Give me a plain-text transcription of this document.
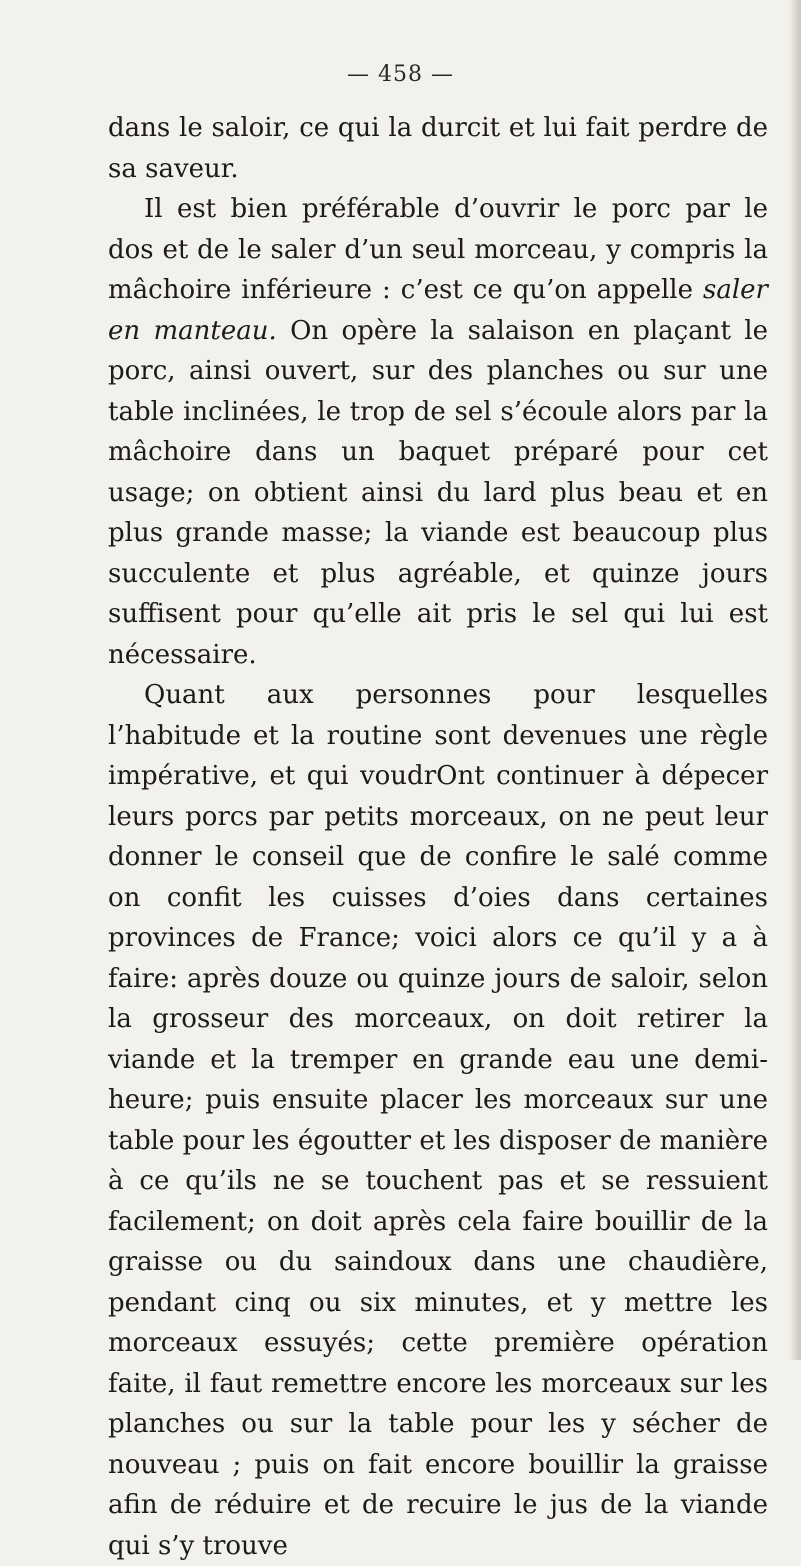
— 458 —

dans le saloir, ce qui la durcit et lui fait perdre de sa saveur.

Il est bien préférable d’ouvrir le porc par le dos et de le saler d’un seul morceau, y compris la mâchoire inférieure : c’est ce qu’on appelle saler en manteau. On opère la salaison en plaçant le porc, ainsi ouvert, sur des planches ou sur une table inclinées, le trop de sel s’écoule alors par la mâchoire dans un baquet préparé pour cet usage; on obtient ainsi du lard plus beau et en plus grande masse; la viande est beaucoup plus succulente et plus agréable, et quinze jours suffisent pour qu’elle ait pris le sel qui lui est nécessaire.

Quant aux personnes pour lesquelles l’habitude et la routine sont devenues une règle impérative, et qui voudrOnt continuer à dépecer leurs porcs par petits morceaux, on ne peut leur donner le conseil que de confire le salé comme on confit les cuisses d’oies dans certaines provinces de France; voici alors ce qu’il y a à faire: après douze ou quinze jours de saloir, selon la grosseur des morceaux, on doit retirer la viande et la tremper en grande eau une demi-heure; puis ensuite placer les morceaux sur une table pour les égoutter et les disposer de manière à ce qu’ils ne se touchent pas et se ressuient facilement; on doit après cela faire bouillir de la graisse ou du saindoux dans une chaudière, pendant cinq ou six minutes, et y mettre les morceaux essuyés; cette première opération faite, il faut remettre encore les morceaux sur les planches ou sur la table pour les y sécher de nouveau ; puis on fait encore bouillir la graisse afin de réduire et de recuire le jus de la viande qui s’y trouve
